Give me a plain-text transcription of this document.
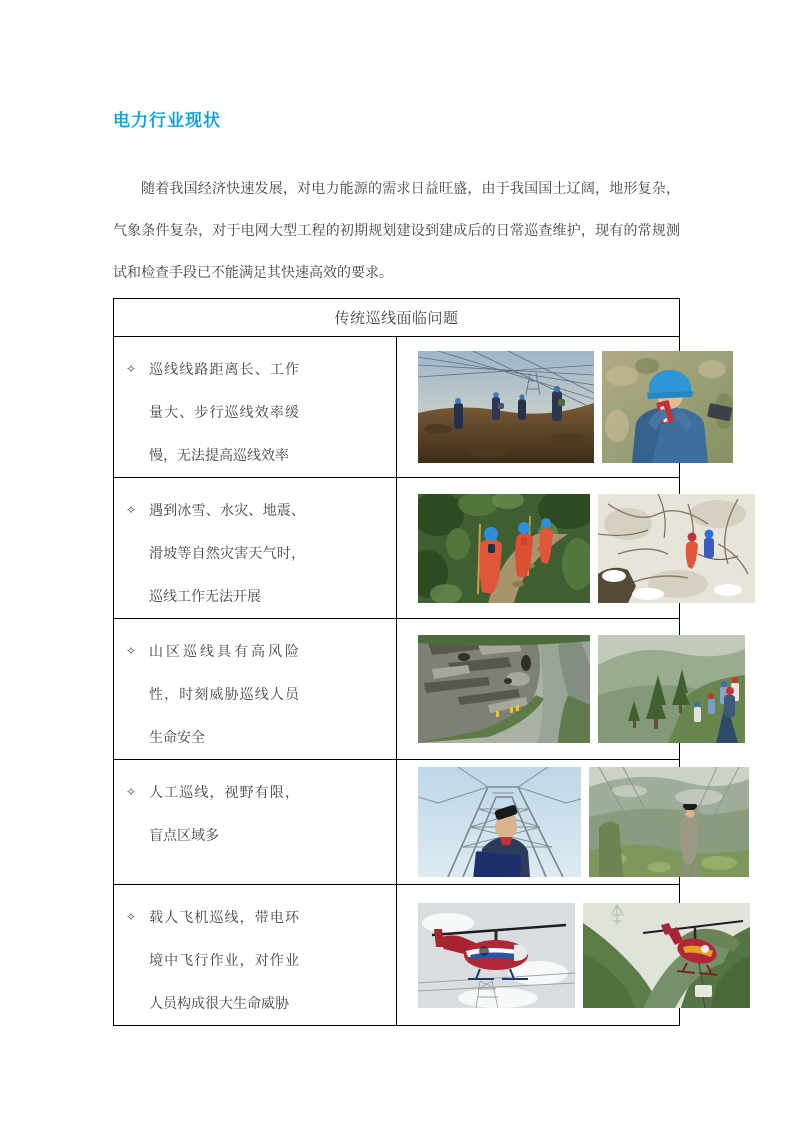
电力行业现状

随着我国经济快速发展，对电力能源的需求日益旺盛，由于我国国土辽阔，地形复杂，气象条件复杂，对于电网大型工程的初期规划建设到建成后的日常巡查维护，现有的常规测试和检查手段已不能满足其快速高效的要求。

传统巡线面临问题	

✧ 巡线线路距离长、工作量大、步行巡线效率缓慢，无法提高巡线效率

✧ 遇到冰雪、水灾、地震、滑坡等自然灾害天气时，巡线工作无法开展

✧ 山区巡线具有高风险性，时刻威胁巡线人员生命安全

✧ 人工巡线，视野有限，盲点区域多

✧ 载人飞机巡线，带电环境中飞行作业，对作业人员构成很大生命威胁
